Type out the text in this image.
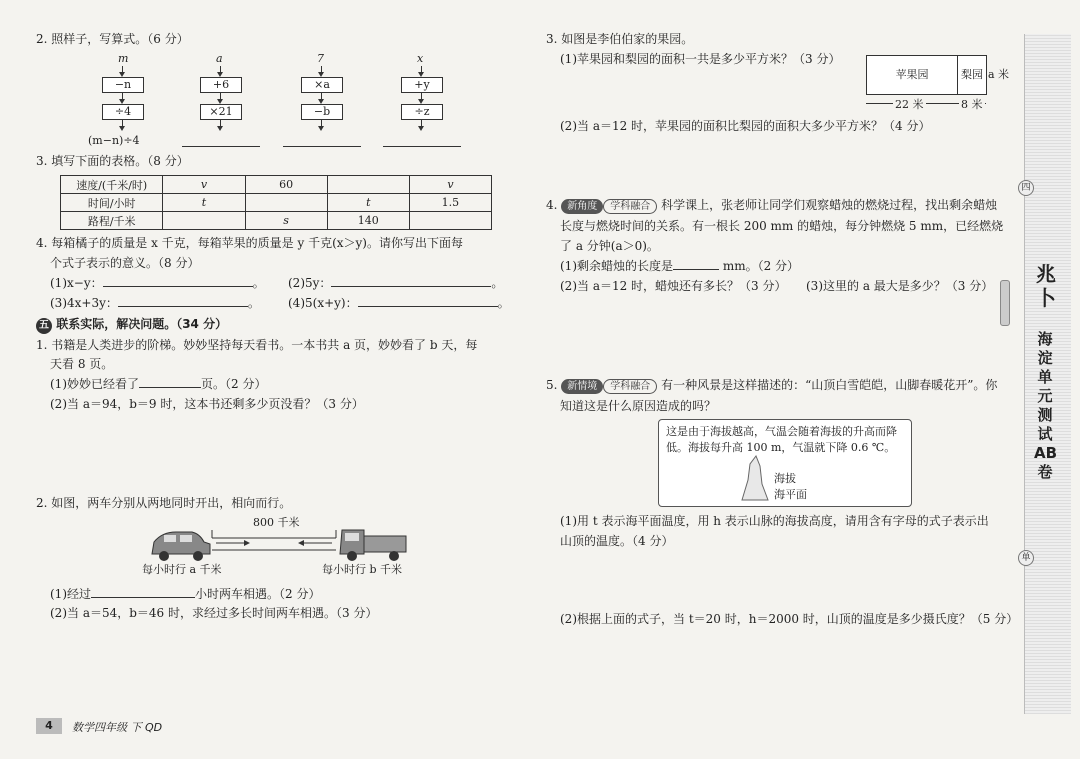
2. 照样子，写算式。（6 分）
m
−n
÷4
(m−n)÷4
a
+6
×21
7
×a
−b
x
+y
÷z
3. 填写下面的表格。（8 分）
速度/(千米/时)	v	60		v
时间/小时	t		t	1.5
路程/千米		s	140	
4. 每箱橘子的质量是 x 千克，每箱苹果的质量是 y 千克(x＞y)。请你写出下面每
个式子表示的意义。（8 分）
(1)x−y：	。 (2)5y：	。
(3)4x+3y：	。 (4)5(x+y)：	。
五 联系实际，解决问题。（34 分）
1. 书籍是人类进步的阶梯。妙妙坚持每天看书。一本书共 a 页，妙妙看了 b 天，每
天看 8 页。
(1)妙妙已经看了	页。（2 分）
(2)当 a＝94，b＝9 时，这本书还剩多少页没看？（3 分）
2. 如图，两车分别从两地同时开出，相向而行。
800 千米
每小时行 a 千米	每小时行 b 千米
(1)经过	小时两车相遇。（2 分）
(2)当 a＝54，b＝46 时，求经过多长时间两车相遇。（3 分）
4	数学四年级 下 QD
3. 如图是李伯伯家的果园。
(1)苹果园和梨园的面积一共是多少平方米？（3 分）
苹果园	梨园 a 米
22 米	8 米
(2)当 a＝12 时，苹果园的面积比梨园的面积大多少平方米？（4 分）
4. 新角度 学科融合 科学课上，张老师让同学们观察蜡烛的燃烧过程，找出剩余蜡烛
长度与燃烧时间的关系。有一根长 200 mm 的蜡烛，每分钟燃烧 5 mm，已经燃烧
了 a 分钟(a＞0)。
(1)剩余蜡烛的长度是	mm。（2 分）
(2)当 a＝12 时，蜡烛还有多长？（3 分） (3)这里的 a 最大是多少？（3 分）
5. 新情境 学科融合 有一种风景是这样描述的：“山顶白雪皑皑，山脚春暖花开”。你
知道这是什么原因造成的吗？
这是由于海拔越高，气温会随着海拔的升高而降
低。海拔每升高 100 m，气温就下降 0.6 ℃。
海拔
海平面
(1)用 t 表示海平面温度，用 h 表示山脉的海拔高度，请用含有字母的式子表示出
山顶的温度。（4 分）
(2)根据上面的式子，当 t＝20 时，h＝2000 时，山顶的温度是多少摄氏度？（5 分）
四
单
兆卜
海淀单元测试AB卷
